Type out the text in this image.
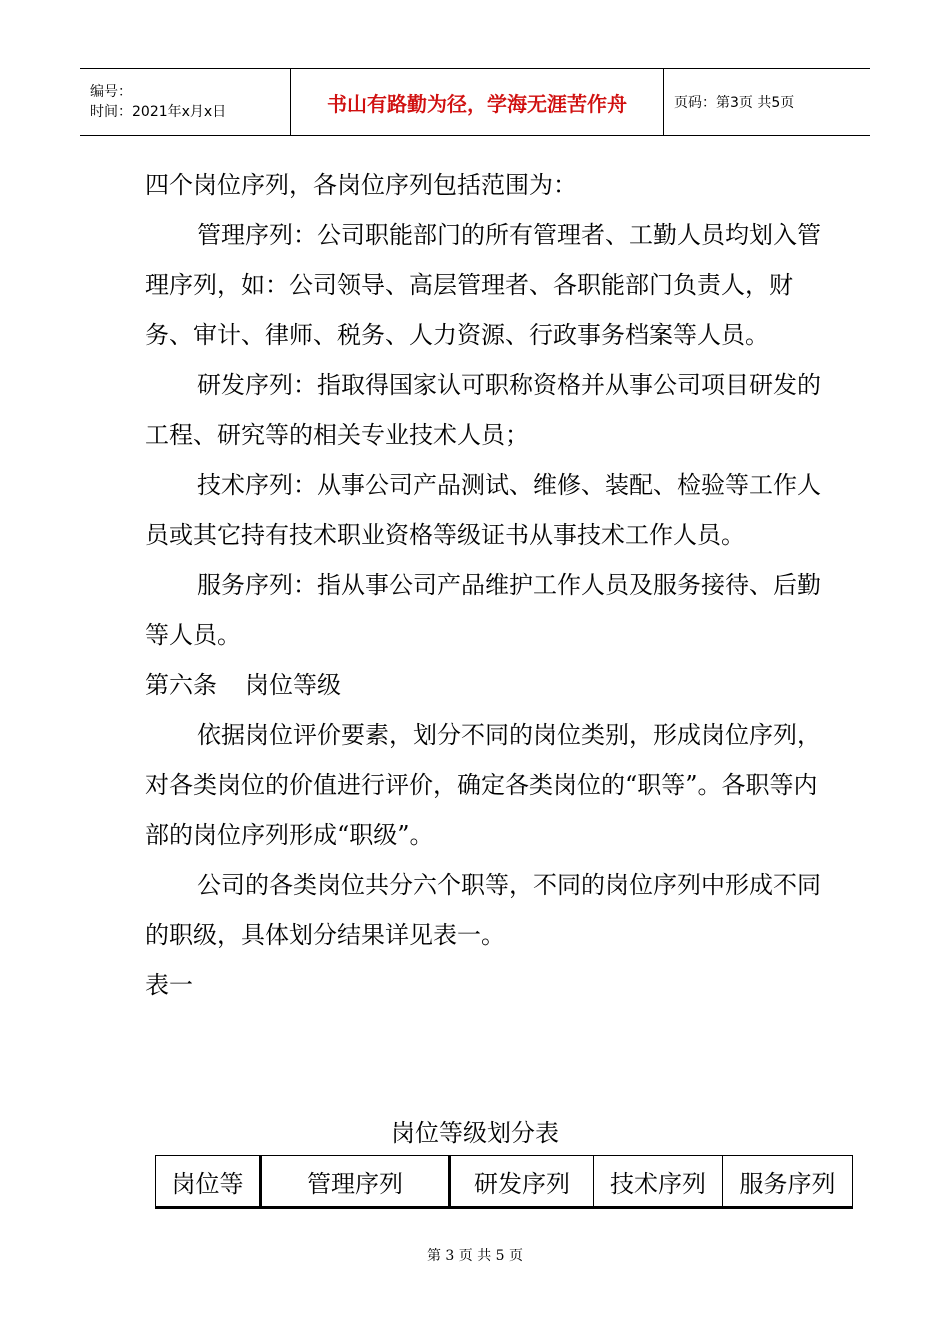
编号：
时间：2021年x月x日	书山有路勤为径，学海无涯苦作舟	页码：第3页 共5页

四个岗位序列，各岗位序列包括范围为：

管理序列：公司职能部门的所有管理者、工勤人员均划入管理序列，如：公司领导、高层管理者、各职能部门负责人，财务、审计、律师、税务、人力资源、行政事务档案等人员。

研发序列：指取得国家认可职称资格并从事公司项目研发的工程、研究等的相关专业技术人员；

技术序列：从事公司产品测试、维修、装配、检验等工作人员或其它持有技术职业资格等级证书从事技术工作人员。

服务序列：指从事公司产品维护工作人员及服务接待、后勤等人员。

第六条 岗位等级

依据岗位评价要素，划分不同的岗位类别，形成岗位序列，对各类岗位的价值进行评价，确定各类岗位的“职等”。各职等内部的岗位序列形成“职级”。

公司的各类岗位共分六个职等，不同的岗位序列中形成不同的职级，具体划分结果详见表一。

表一

岗位等级划分表
岗位等	管理序列	研发序列	技术序列	服务序列
第 3 页 共 5 页
